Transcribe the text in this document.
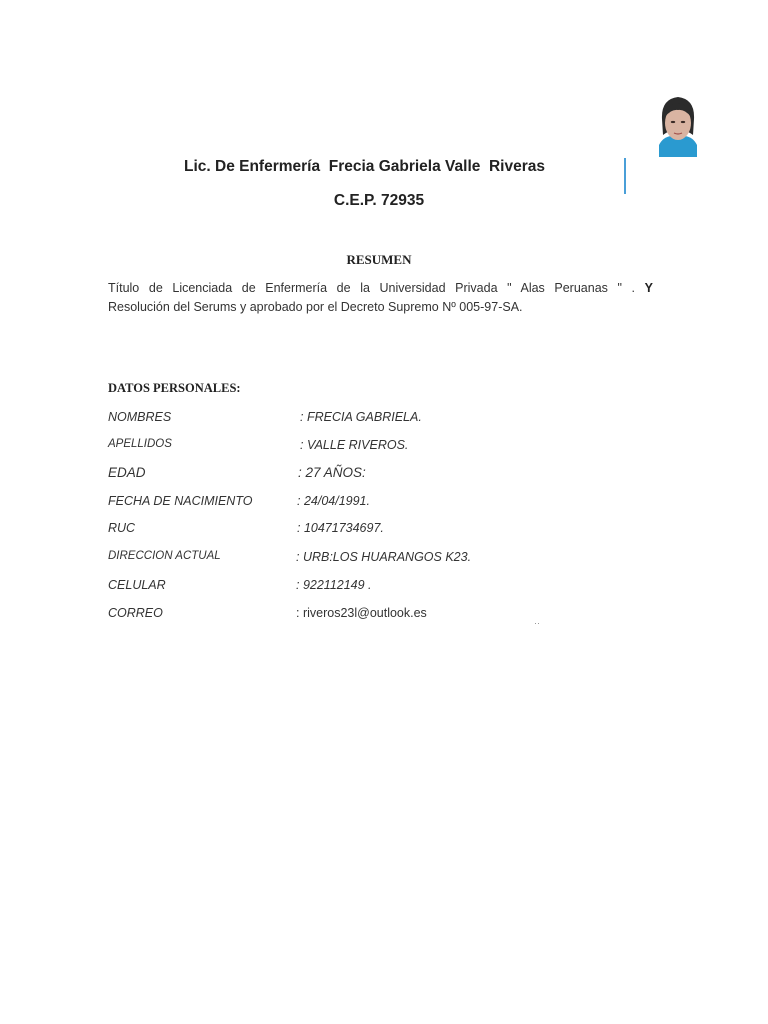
Lic. De Enfermería  Frecia Gabriela Valle  Riveras
C.E.P. 72935
RESUMEN
Título de Licenciada de Enfermería de la Universidad Privada " Alas Peruanas " . Y
Resolución del Serums y aprobado por el Decreto Supremo Nº 005-97-SA.
DATOS PERSONALES:
NOMBRES	: FRECIA GABRIELA.
APELLIDOS	: VALLE RIVEROS.
EDAD	: 27 AÑOS:
FECHA DE NACIMIENTO	: 24/04/1991.
RUC	: 10471734697.
DIRECCION ACTUAL	: URB:LOS HUARANGOS K23.
CELULAR	: 922112149 .
CORREO	: riveros23l@outlook.es
··
